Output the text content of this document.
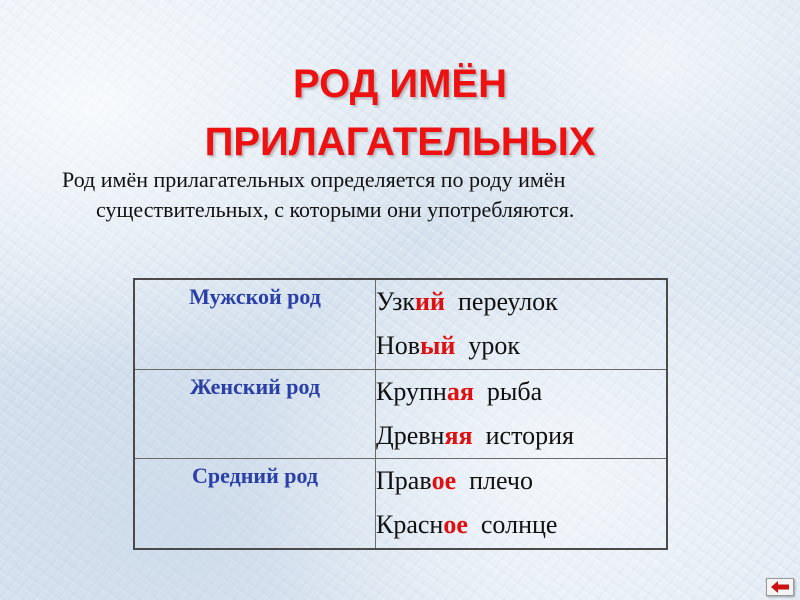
РОД ИМЁН
ПРИЛАГАТЕЛЬНЫХ
Род имён прилагательных определяется по роду имён
существительных, с которыми они употребляются.
Мужской род	Узкий переулок
Новый урок

Женский род	Крупная рыба
Древняя история

Средний род	Правое плечо
Красное солнце
